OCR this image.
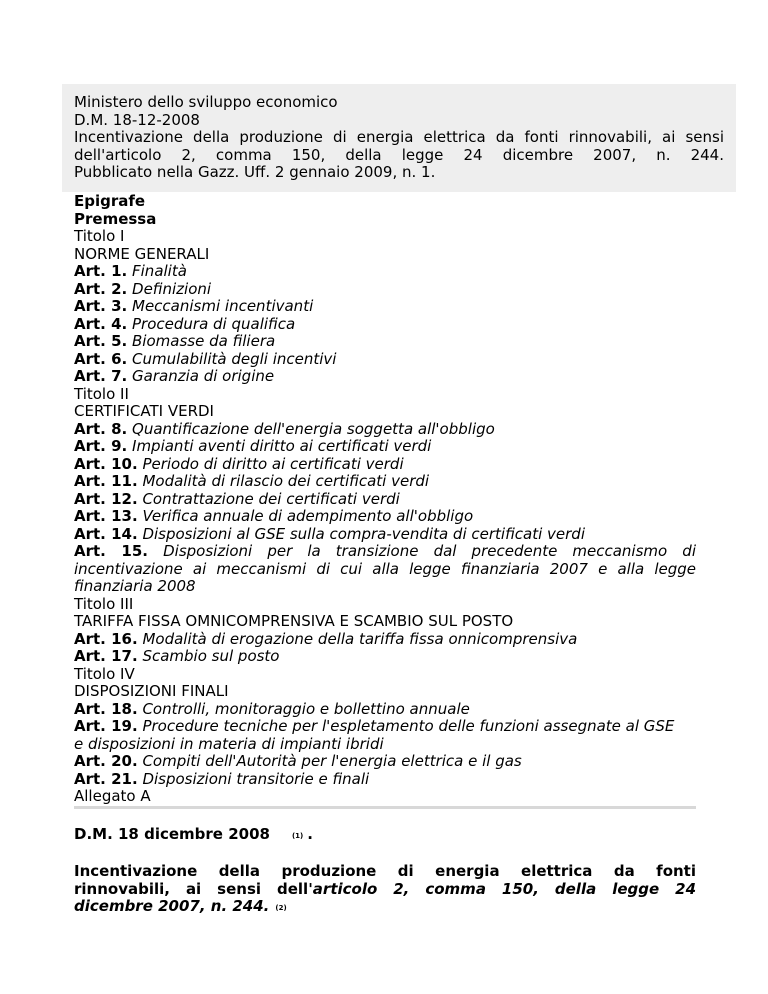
Ministero dello sviluppo economico
D.M. 18-12-2008
Incentivazione della produzione di energia elettrica da fonti rinnovabili, ai sensi
dell'articolo 2, comma 150, della legge 24 dicembre 2007, n. 244.
Pubblicato nella Gazz. Uff. 2 gennaio 2009, n. 1.
Epigrafe
Premessa
Titolo I
NORME GENERALI
Art. 1. Finalità
Art. 2. Definizioni
Art. 3. Meccanismi incentivanti
Art. 4. Procedura di qualifica
Art. 5. Biomasse da filiera
Art. 6. Cumulabilità degli incentivi
Art. 7. Garanzia di origine
Titolo II
CERTIFICATI VERDI
Art. 8. Quantificazione dell'energia soggetta all'obbligo
Art. 9. Impianti aventi diritto ai certificati verdi
Art. 10. Periodo di diritto ai certificati verdi
Art. 11. Modalità di rilascio dei certificati verdi
Art. 12. Contrattazione dei certificati verdi
Art. 13. Verifica annuale di adempimento all'obbligo
Art. 14. Disposizioni al GSE sulla compra-vendita di certificati verdi
Art. 15. Disposizioni per la transizione dal precedente meccanismo di
incentivazione ai meccanismi di cui alla legge finanziaria 2007 e alla legge
finanziaria 2008
Titolo III
TARIFFA FISSA OMNICOMPRENSIVA E SCAMBIO SUL POSTO
Art. 16. Modalità di erogazione della tariffa fissa onnicomprensiva
Art. 17. Scambio sul posto
Titolo IV
DISPOSIZIONI FINALI
Art. 18. Controlli, monitoraggio e bollettino annuale
Art. 19. Procedure tecniche per l'espletamento delle funzioni assegnate al GSE
e disposizioni in materia di impianti ibridi
Art. 20. Compiti dell'Autorità per l'energia elettrica e il gas
Art. 21. Disposizioni transitorie e finali
Allegato A
D.M. 18 dicembre 2008	$^{(1)}$ .
Incentivazione della produzione di energia elettrica da fonti
rinnovabili, ai sensi dell'articolo 2, comma 150, della legge 24
dicembre 2007, n. 244. $^{(2)}$
